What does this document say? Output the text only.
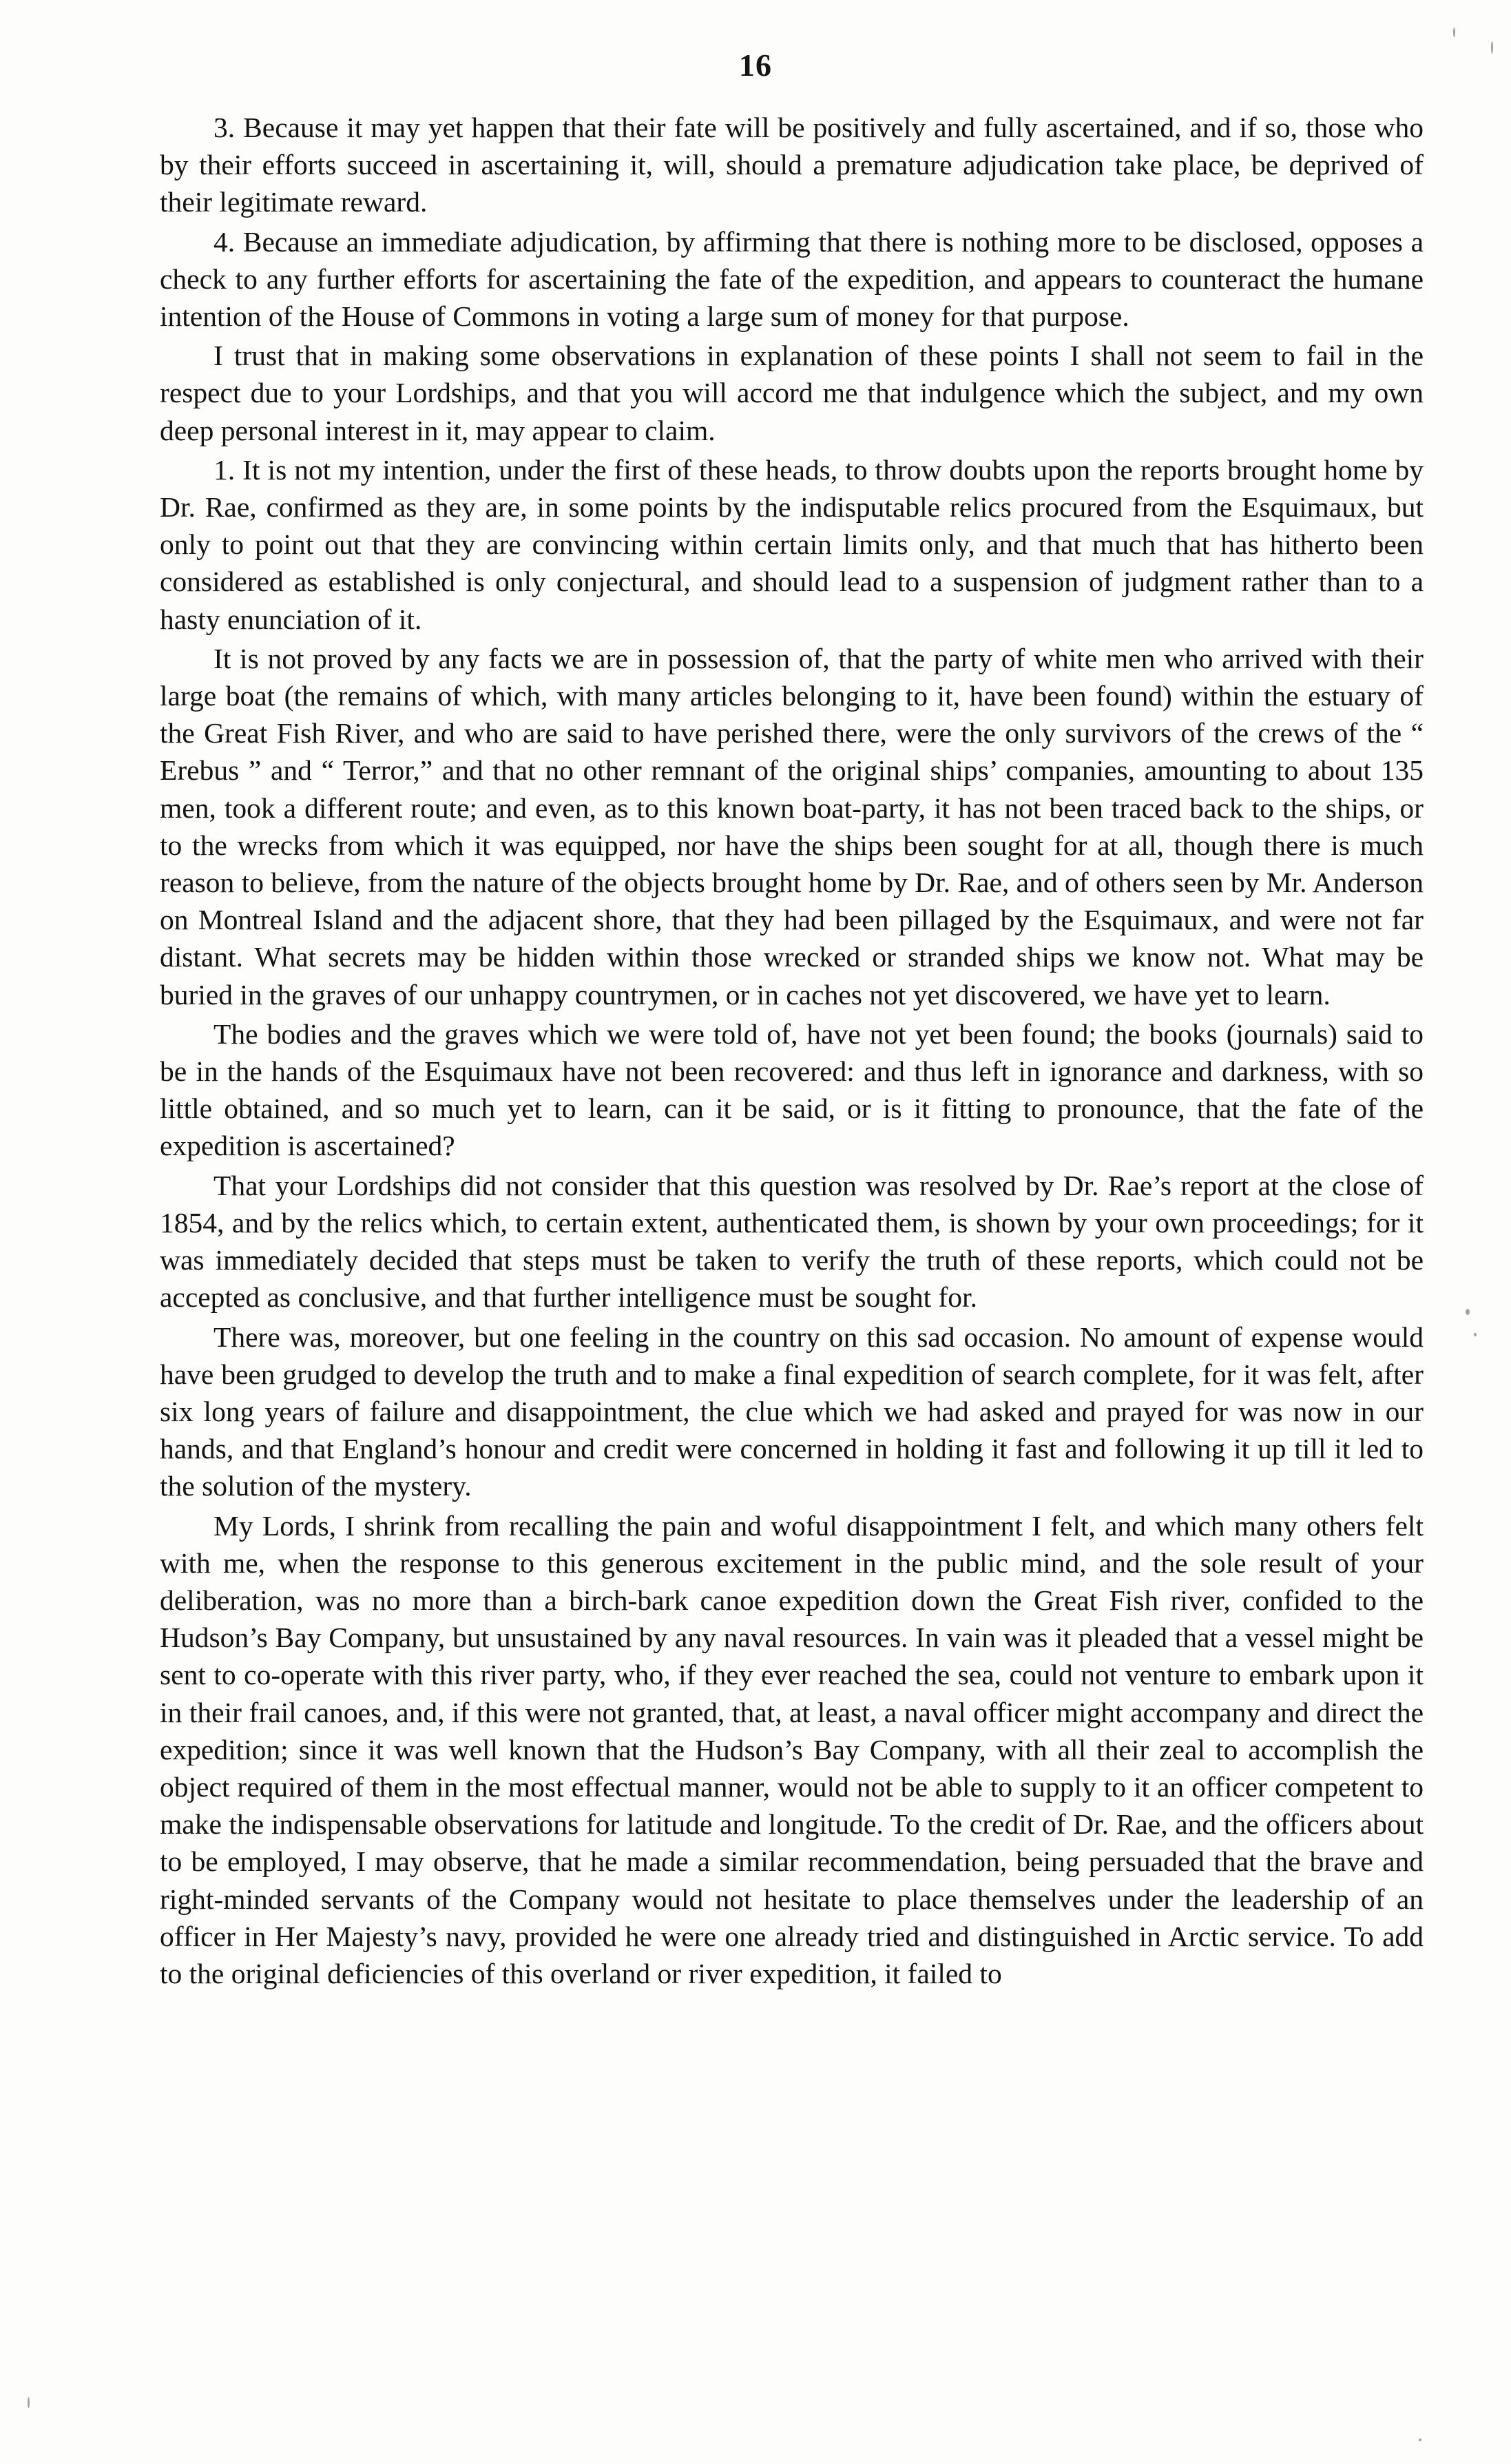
16

3. Because it may yet happen that their fate will be positively and fully ascertained, and if so, those who by their efforts succeed in ascertaining it, will, should a premature adjudication take place, be deprived of their legitimate reward.

4. Because an immediate adjudication, by affirming that there is nothing more to be disclosed, opposes a check to any further efforts for ascertaining the fate of the expedition, and appears to counteract the humane intention of the House of Commons in voting a large sum of money for that purpose.

I trust that in making some observations in explanation of these points I shall not seem to fail in the respect due to your Lordships, and that you will accord me that indulgence which the subject, and my own deep personal interest in it, may appear to claim.

1. It is not my intention, under the first of these heads, to throw doubts upon the reports brought home by Dr. Rae, confirmed as they are, in some points by the indisputable relics procured from the Esquimaux, but only to point out that they are convincing within certain limits only, and that much that has hitherto been considered as established is only conjectural, and should lead to a suspension of judgment rather than to a hasty enunciation of it.

It is not proved by any facts we are in possession of, that the party of white men who arrived with their large boat (the remains of which, with many articles belonging to it, have been found) within the estuary of the Great Fish River, and who are said to have perished there, were the only survivors of the crews of the “ Erebus ” and “ Terror,” and that no other remnant of the original ships’ companies, amounting to about 135 men, took a different route; and even, as to this known boat-party, it has not been traced back to the ships, or to the wrecks from which it was equipped, nor have the ships been sought for at all, though there is much reason to believe, from the nature of the objects brought home by Dr. Rae, and of others seen by Mr. Anderson on Montreal Island and the adjacent shore, that they had been pillaged by the Esquimaux, and were not far distant. What secrets may be hidden within those wrecked or stranded ships we know not. What may be buried in the graves of our unhappy countrymen, or in caches not yet discovered, we have yet to learn.

The bodies and the graves which we were told of, have not yet been found; the books (journals) said to be in the hands of the Esquimaux have not been recovered: and thus left in ignorance and darkness, with so little obtained, and so much yet to learn, can it be said, or is it fitting to pronounce, that the fate of the expedition is ascertained?

That your Lordships did not consider that this question was resolved by Dr. Rae’s report at the close of 1854, and by the relics which, to certain extent, authenticated them, is shown by your own proceedings; for it was immediately decided that steps must be taken to verify the truth of these reports, which could not be accepted as conclusive, and that further intelligence must be sought for.

There was, moreover, but one feeling in the country on this sad occasion. No amount of expense would have been grudged to develop the truth and to make a final expedition of search complete, for it was felt, after six long years of failure and disappointment, the clue which we had asked and prayed for was now in our hands, and that England’s honour and credit were concerned in holding it fast and following it up till it led to the solution of the mystery.

My Lords, I shrink from recalling the pain and woful disappointment I felt, and which many others felt with me, when the response to this generous excitement in the public mind, and the sole result of your deliberation, was no more than a birch-bark canoe expedition down the Great Fish river, confided to the Hudson’s Bay Company, but unsustained by any naval resources. In vain was it pleaded that a vessel might be sent to co-operate with this river party, who, if they ever reached the sea, could not venture to embark upon it in their frail canoes, and, if this were not granted, that, at least, a naval officer might accompany and direct the expedition; since it was well known that the Hudson’s Bay Company, with all their zeal to accomplish the object required of them in the most effectual manner, would not be able to supply to it an officer competent to make the indispensable observations for latitude and longitude. To the credit of Dr. Rae, and the officers about to be employed, I may observe, that he made a similar recommendation, being persuaded that the brave and right-minded servants of the Company would not hesitate to place themselves under the leadership of an officer in Her Majesty’s navy, provided he were one already tried and distinguished in Arctic service. To add to the original deficiencies of this overland or river expedition, it failed to
